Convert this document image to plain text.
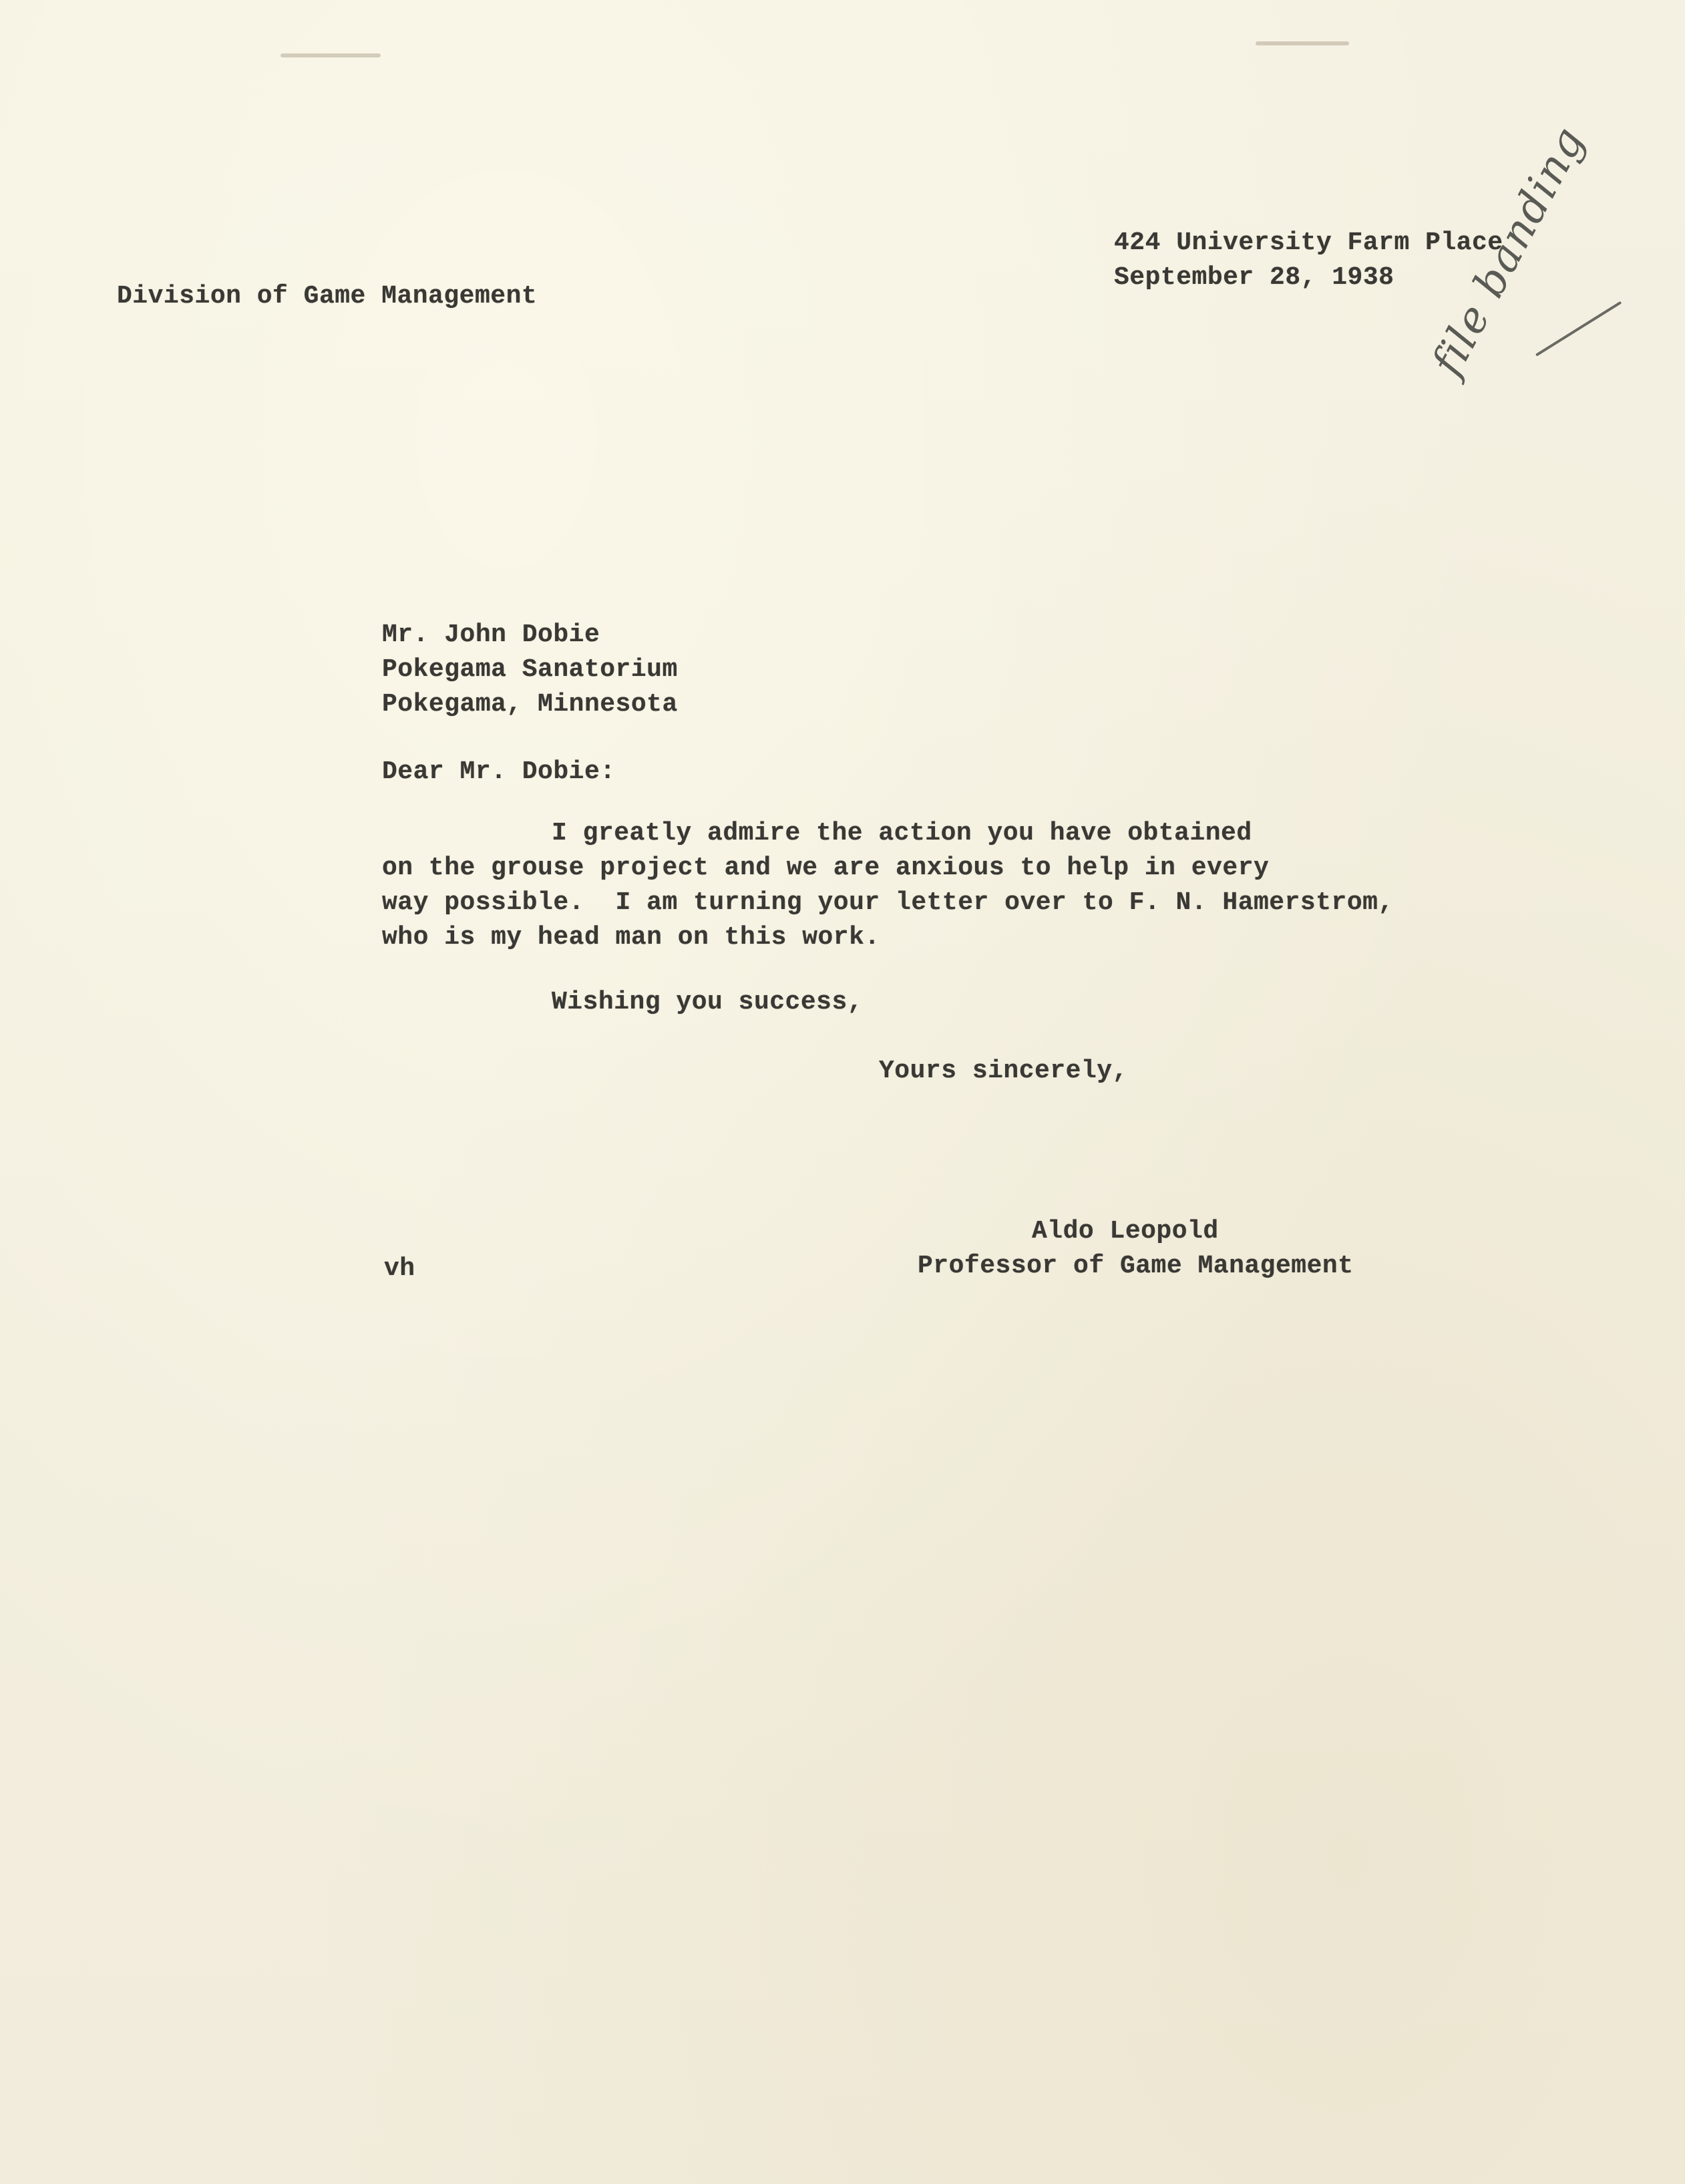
424 University Farm Place

September 28, 1938

Division of Game Management	file banding

Mr. John Dobie

Pokegama Sanatorium

Pokegama, Minnesota

Dear Mr. Dobie:

I greatly admire the action you have obtained

on the grouse project and we are anxious to help in every

way possible.  I am turning your letter over to F. N. Hamerstrom,

who is my head man on this work.

Wishing you success,

Yours sincerely,

Aldo Leopold

Professor of Game Management

vh
